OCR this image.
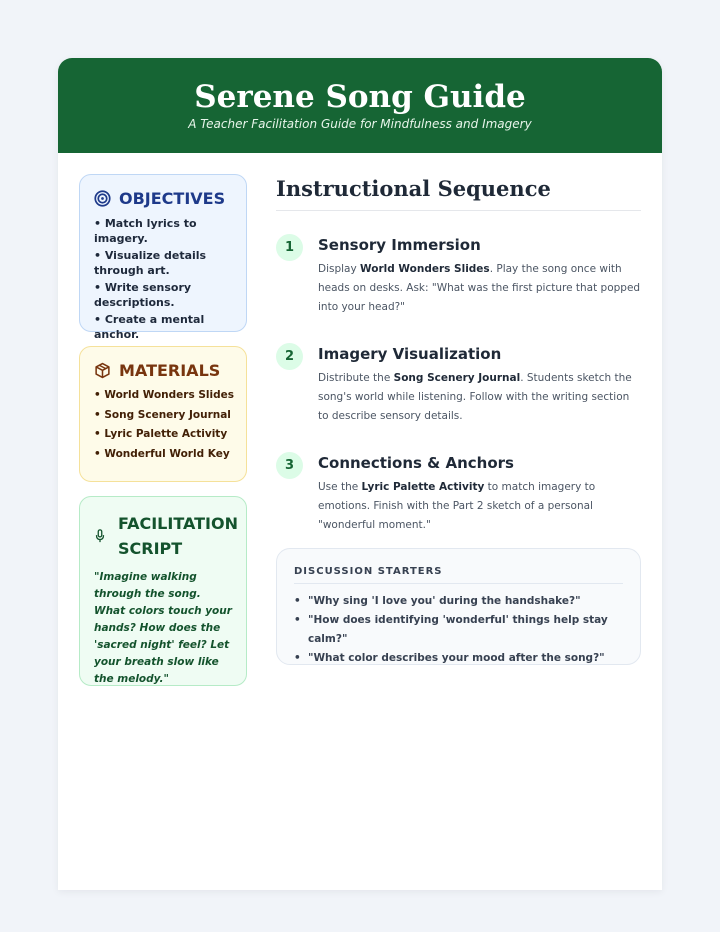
Serene Song Guide
A Teacher Facilitation Guide for Mindfulness and Imagery
OBJECTIVES
• Match lyrics to imagery.
• Visualize details through art.
• Write sensory descriptions.
• Create a mental anchor.
MATERIALS
• World Wonders Slides
• Song Scenery Journal
• Lyric Palette Activity
• Wonderful World Key
FACILITATION SCRIPT
"Imagine walking through the song. What colors touch your hands? How does the 'sacred night' feel? Let your breath slow like the melody."
Instructional Sequence
1	Sensory Immersion

Display World Wonders Slides. Play the song once with heads on desks. Ask: "What was the first picture that popped into your head?"

2	Imagery Visualization

Distribute the Song Scenery Journal. Students sketch the song's world while listening. Follow with the writing section to describe sensory details.

3	Connections & Anchors

Use the Lyric Palette Activity to match imagery to emotions. Finish with the Part 2 sketch of a personal "wonderful moment."

DISCUSSION STARTERS
• "Why sing 'I love you' during the handshake?"
• "How does identifying 'wonderful' things help stay calm?"
• "What color describes your mood after the song?"
